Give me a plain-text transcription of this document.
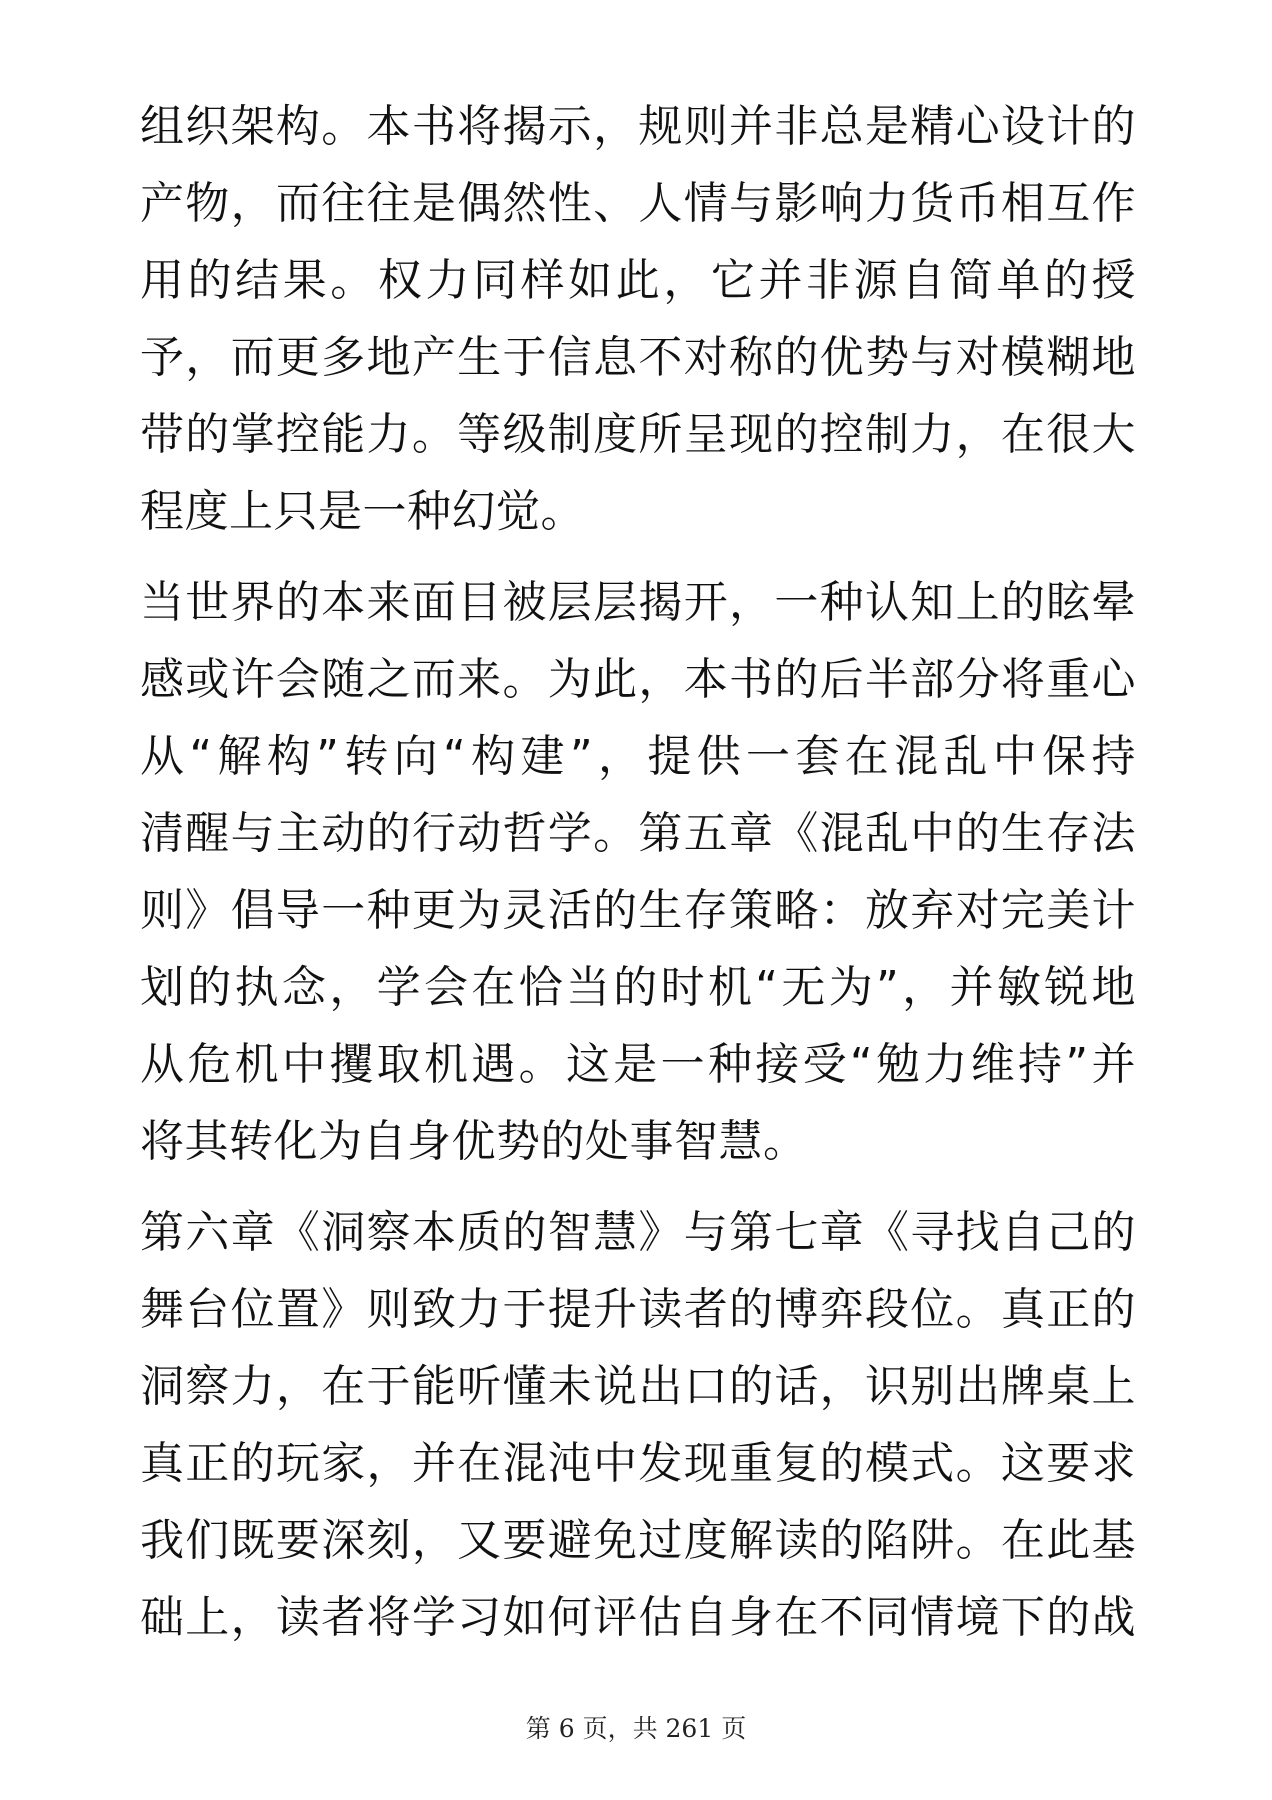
组织架构。本书将揭示，规则并非总是精心设计的
产物，而往往是偶然性、人情与影响力货币相互作
用的结果。权力同样如此，它并非源自简单的授
予，而更多地产生于信息不对称的优势与对模糊地
带的掌控能力。等级制度所呈现的控制力，在很大
程度上只是一种幻觉。
当世界的本来面目被层层揭开，一种认知上的眩晕
感或许会随之而来。为此，本书的后半部分将重心
从“解构”转向“构建”，提供一套在混乱中保持
清醒与主动的行动哲学。第五章《混乱中的生存法
则》倡导一种更为灵活的生存策略：放弃对完美计
划的执念，学会在恰当的时机“无为”，并敏锐地
从危机中攫取机遇。这是一种接受“勉力维持”并
将其转化为自身优势的处事智慧。
第六章《洞察本质的智慧》与第七章《寻找自己的
舞台位置》则致力于提升读者的博弈段位。真正的
洞察力，在于能听懂未说出口的话，识别出牌桌上
真正的玩家，并在混沌中发现重复的模式。这要求
我们既要深刻，又要避免过度解读的陷阱。在此基
础上，读者将学习如何评估自身在不同情境下的战
第 6 页，共 261 页
